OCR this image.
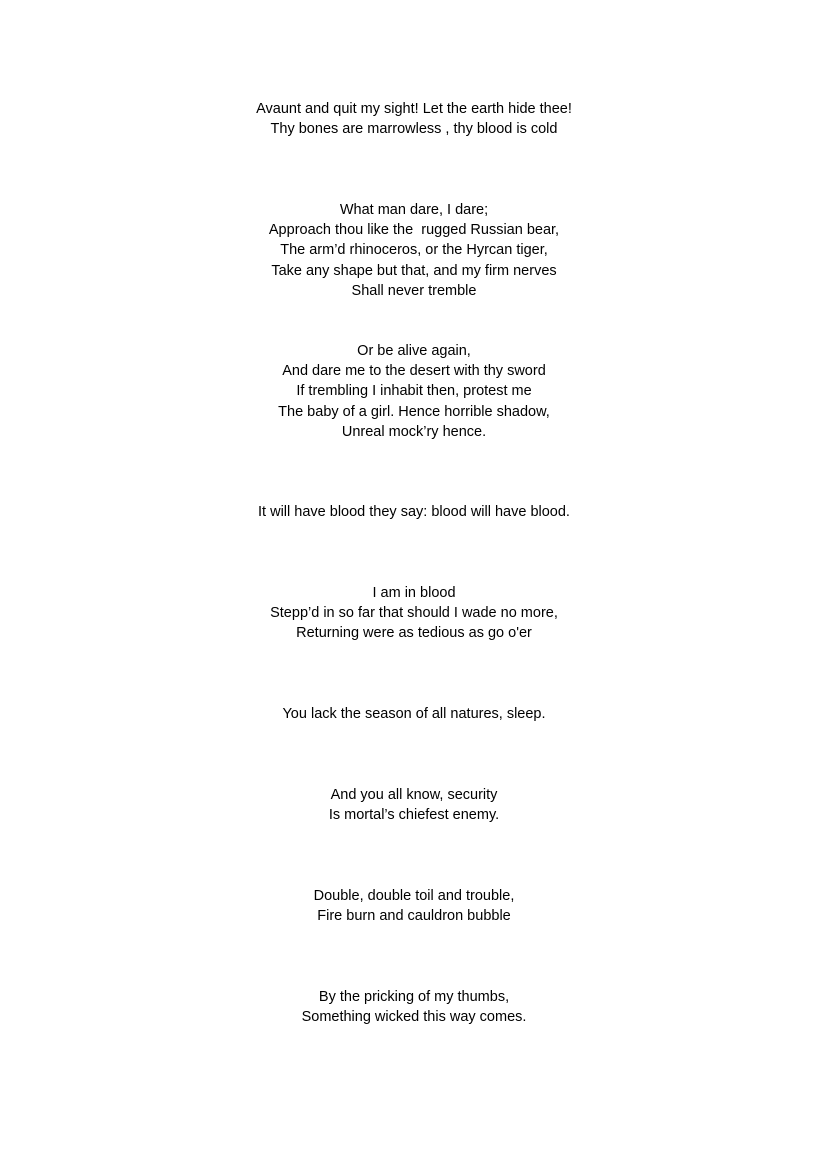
Avaunt and quit my sight! Let the earth hide thee!
Thy bones are marrowless , thy blood is cold
What man dare, I dare;
Approach thou like the  rugged Russian bear,
The arm’d rhinoceros, or the Hyrcan tiger,
Take any shape but that, and my firm nerves
Shall never tremble
Or be alive again,
And dare me to the desert with thy sword
If trembling I inhabit then, protest me
The baby of a girl. Hence horrible shadow,
Unreal mock’ry hence.
It will have blood they say: blood will have blood.
I am in blood
Stepp’d in so far that should I wade no more,
Returning were as tedious as go o'er
You lack the season of all natures, sleep.
And you all know, security
Is mortal’s chiefest enemy.
Double, double toil and trouble,
Fire burn and cauldron bubble
By the pricking of my thumbs,
Something wicked this way comes.
